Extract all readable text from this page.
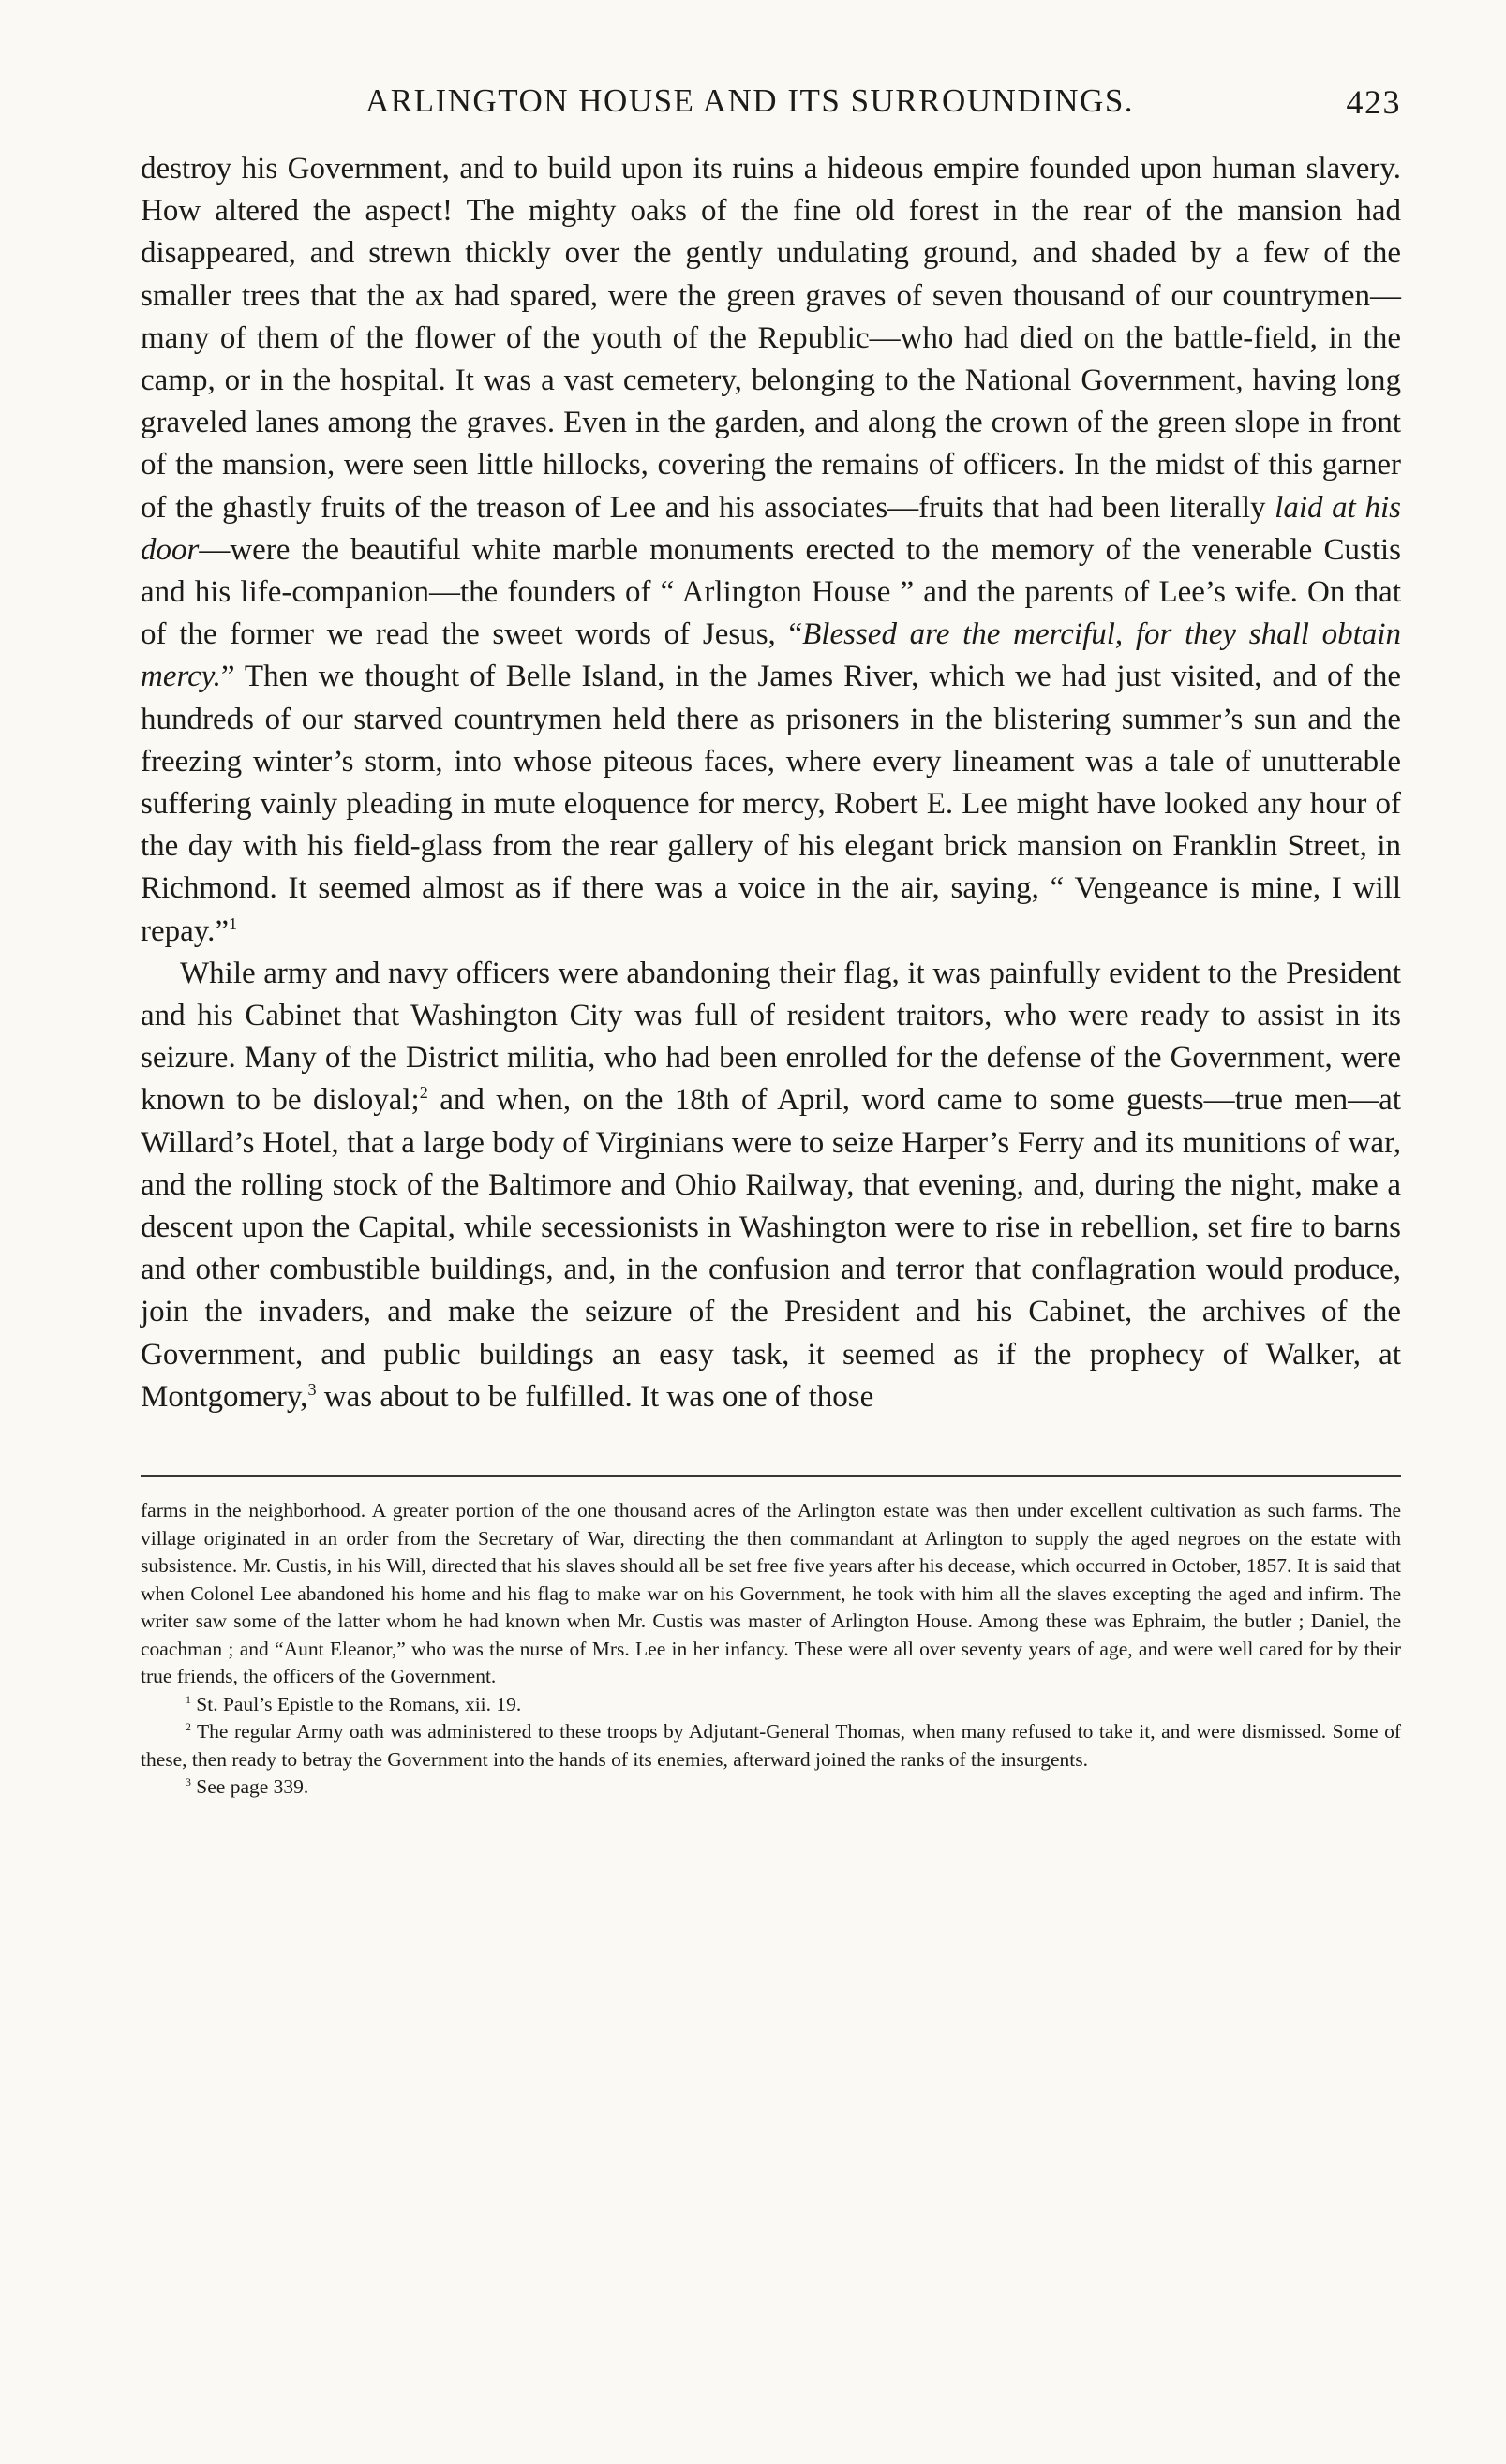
ARLINGTON HOUSE AND ITS SURROUNDINGS.	423

destroy his Government, and to build upon its ruins a hideous empire founded upon human slavery. How altered the aspect! The mighty oaks of the fine old forest in the rear of the mansion had disappeared, and strewn thickly over the gently undulating ground, and shaded by a few of the smaller trees that the ax had spared, were the green graves of seven thousand of our countrymen—many of them of the flower of the youth of the Republic—who had died on the battle-field, in the camp, or in the hospital. It was a vast cemetery, belonging to the National Government, having long graveled lanes among the graves. Even in the garden, and along the crown of the green slope in front of the mansion, were seen little hillocks, covering the remains of officers. In the midst of this garner of the ghastly fruits of the treason of Lee and his associates—fruits that had been literally laid at his door—were the beautiful white marble monuments erected to the memory of the venerable Custis and his life-companion—the founders of “ Arlington House ” and the parents of Lee’s wife. On that of the former we read the sweet words of Jesus, “Blessed are the merciful, for they shall obtain mercy.” Then we thought of Belle Island, in the James River, which we had just visited, and of the hundreds of our starved countrymen held there as prisoners in the blistering summer’s sun and the freezing winter’s storm, into whose piteous faces, where every lineament was a tale of unutterable suffering vainly pleading in mute eloquence for mercy, Robert E. Lee might have looked any hour of the day with his field-glass from the rear gallery of his elegant brick mansion on Franklin Street, in Richmond. It seemed almost as if there was a voice in the air, saying, “ Vengeance is mine, I will repay.”$^1$

While army and navy officers were abandoning their flag, it was painfully evident to the President and his Cabinet that Washington City was full of resident traitors, who were ready to assist in its seizure. Many of the District militia, who had been enrolled for the defense of the Government, were known to be disloyal;$^2$ and when, on the 18th of April, word came to some guests—true men—at Willard’s Hotel, that a large body of Virginians were to seize Harper’s Ferry and its munitions of war, and the rolling stock of the Baltimore and Ohio Railway, that evening, and, during the night, make a descent upon the Capital, while secessionists in Washington were to rise in rebellion, set fire to barns and other combustible buildings, and, in the confusion and terror that conflagration would produce, join the invaders, and make the seizure of the President and his Cabinet, the archives of the Government, and public buildings an easy task, it seemed as if the prophecy of Walker, at Montgomery,$^3$ was about to be fulfilled. It was one of those

farms in the neighborhood. A greater portion of the one thousand acres of the Arlington estate was then under excellent cultivation as such farms. The village originated in an order from the Secretary of War, directing the then commandant at Arlington to supply the aged negroes on the estate with subsistence. Mr. Custis, in his Will, directed that his slaves should all be set free five years after his decease, which occurred in October, 1857. It is said that when Colonel Lee abandoned his home and his flag to make war on his Government, he took with him all the slaves excepting the aged and infirm. The writer saw some of the latter whom he had known when Mr. Custis was master of Arlington House. Among these was Ephraim, the butler ; Daniel, the coachman ; and “Aunt Eleanor,” who was the nurse of Mrs. Lee in her infancy. These were all over seventy years of age, and were well cared for by their true friends, the officers of the Government.

$^1$ St. Paul’s Epistle to the Romans, xii. 19.

$^2$ The regular Army oath was administered to these troops by Adjutant-General Thomas, when many refused to take it, and were dismissed. Some of these, then ready to betray the Government into the hands of its enemies, afterward joined the ranks of the insurgents.

$^3$ See page 339.
